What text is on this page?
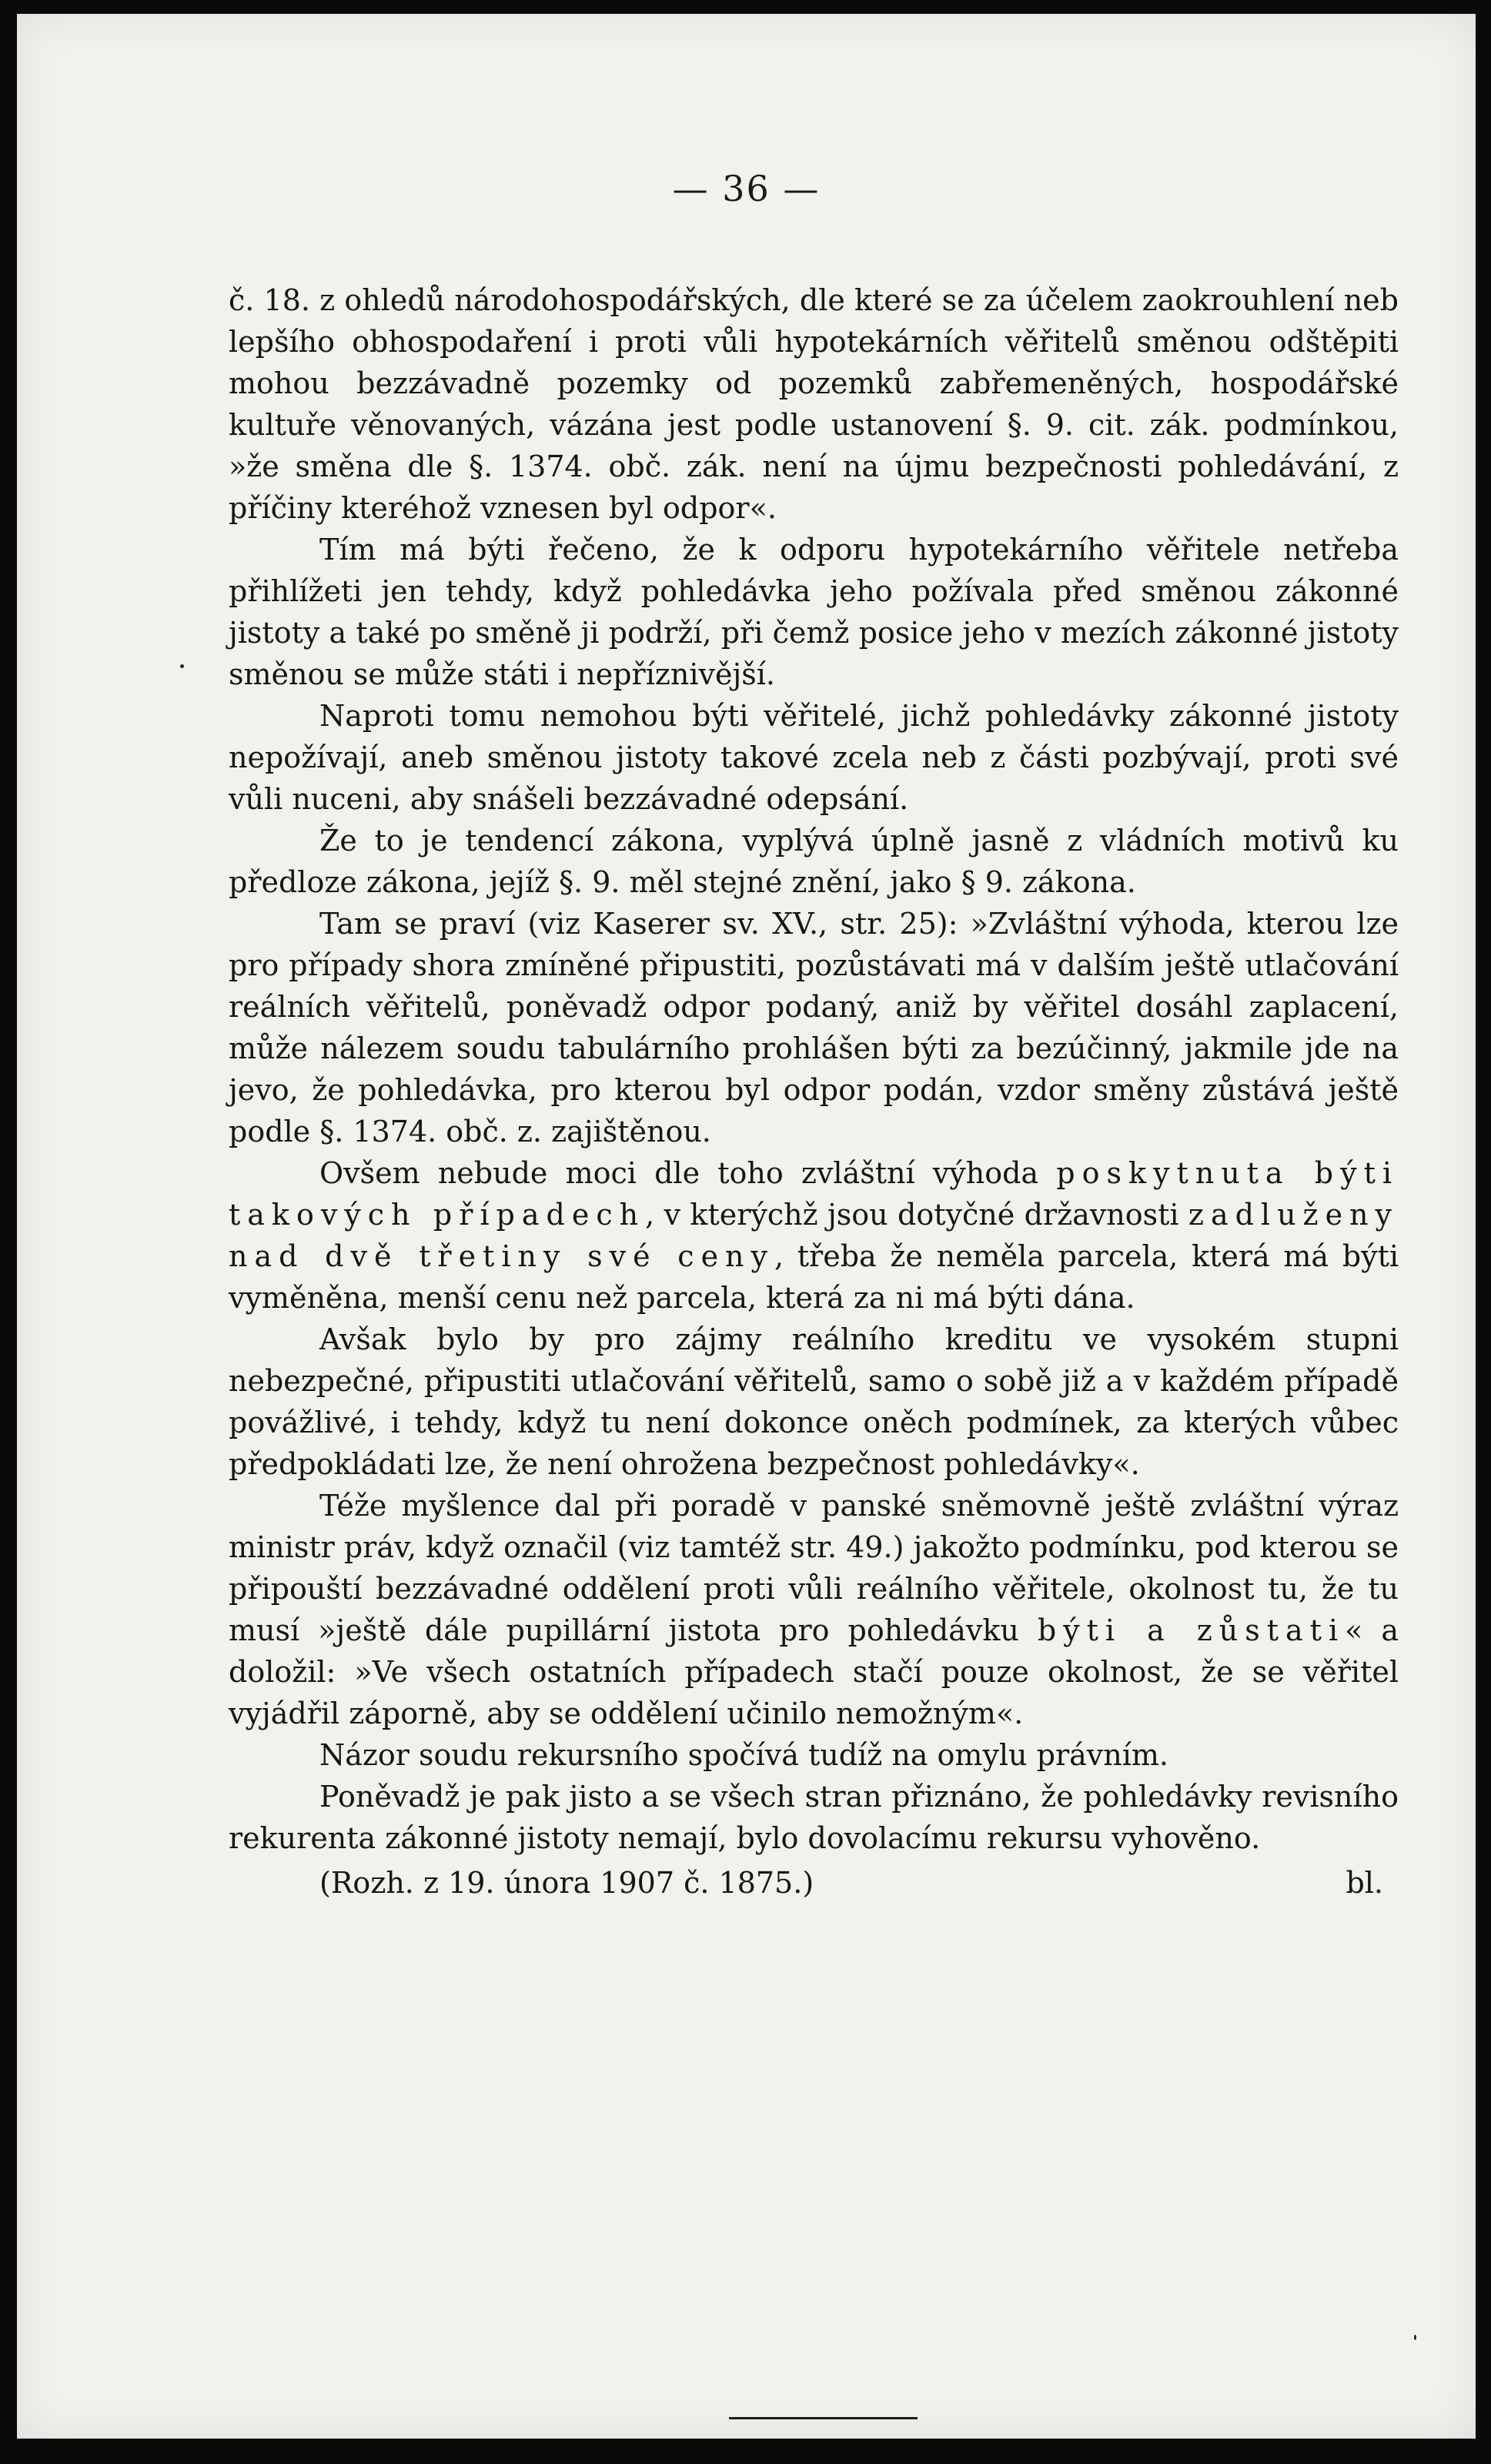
— 36 —

č. 18. z ohledů národohospodářských, dle které se za účelem zaokrouhlení neb lepšího obhospodaření i proti vůli hypotekárních věřitelů směnou odštěpiti mohou bezzávadně pozemky od pozemků zabřemeněných, hospodářské kultuře věnovaných, vázána jest podle ustanovení §. 9. cit. zák. podmínkou, »že směna dle §. 1374. obč. zák. není na újmu bezpečnosti pohledávání, z příčiny kteréhož vznesen byl odpor«.

Tím má býti řečeno, že k odporu hypotekárního věřitele netřeba přihlížeti jen tehdy, když pohledávka jeho požívala před směnou zákonné jistoty a také po směně ji podrží, při čemž posice jeho v mezích zákonné jistoty směnou se může státi i nepříznivější.

Naproti tomu nemohou býti věřitelé, jichž pohledávky zákonné jistoty nepožívají, aneb směnou jistoty takové zcela neb z části pozbývají, proti své vůli nuceni, aby snášeli bezzávadné odepsání.

Že to je tendencí zákona, vyplývá úplně jasně z vládních motivů ku předloze zákona, jejíž §. 9. měl stejné znění, jako § 9. zákona.

Tam se praví (viz Kaserer sv. XV., str. 25): »Zvláštní výhoda, kterou lze pro případy shora zmíněné připustiti, pozůstávati má v dalším ještě utlačování reálních věřitelů, poněvadž odpor podaný, aniž by věřitel dosáhl zaplacení, může nálezem soudu tabulárního prohlášen býti za bezúčinný, jakmile jde na jevo, že pohledávka, pro kterou byl odpor podán, vzdor směny zůstává ještě podle §. 1374. obč. z. zajištěnou.

Ovšem nebude moci dle toho zvláštní výhoda poskytnuta býti takových případech, v kterýchž jsou dotyčné državnosti zadluženy nad dvě třetiny své ceny, třeba že neměla parcela, která má býti vyměněna, menší cenu než parcela, která za ni má býti dána.

Avšak bylo by pro zájmy reálního kreditu ve vysokém stupni nebezpečné, připustiti utlačování věřitelů, samo o sobě již a v každém případě povážlivé, i tehdy, když tu není dokonce oněch podmínek, za kterých vůbec předpokládati lze, že není ohrožena bezpečnost pohledávky«.

Téže myšlence dal při poradě v panské sněmovně ještě zvláštní výraz ministr práv, když označil (viz tamtéž str. 49.) jakožto podmínku, pod kterou se připouští bezzávadné oddělení proti vůli reálního věřitele, okolnost tu, že tu musí »ještě dále pupillární jistota pro pohledávku býti a zůstati« a doložil: »Ve všech ostatních případech stačí pouze okolnost, že se věřitel vyjádřil záporně, aby se oddělení učinilo nemožným«.

Názor soudu rekursního spočívá tudíž na omylu právním.

Poněvadž je pak jisto a se všech stran přiznáno, že pohledávky revisního rekurenta zákonné jistoty nemají, bylo dovolacímu rekursu vyhověno.

(Rozh. z 19. února 1907 č. 1875.)	bl.
